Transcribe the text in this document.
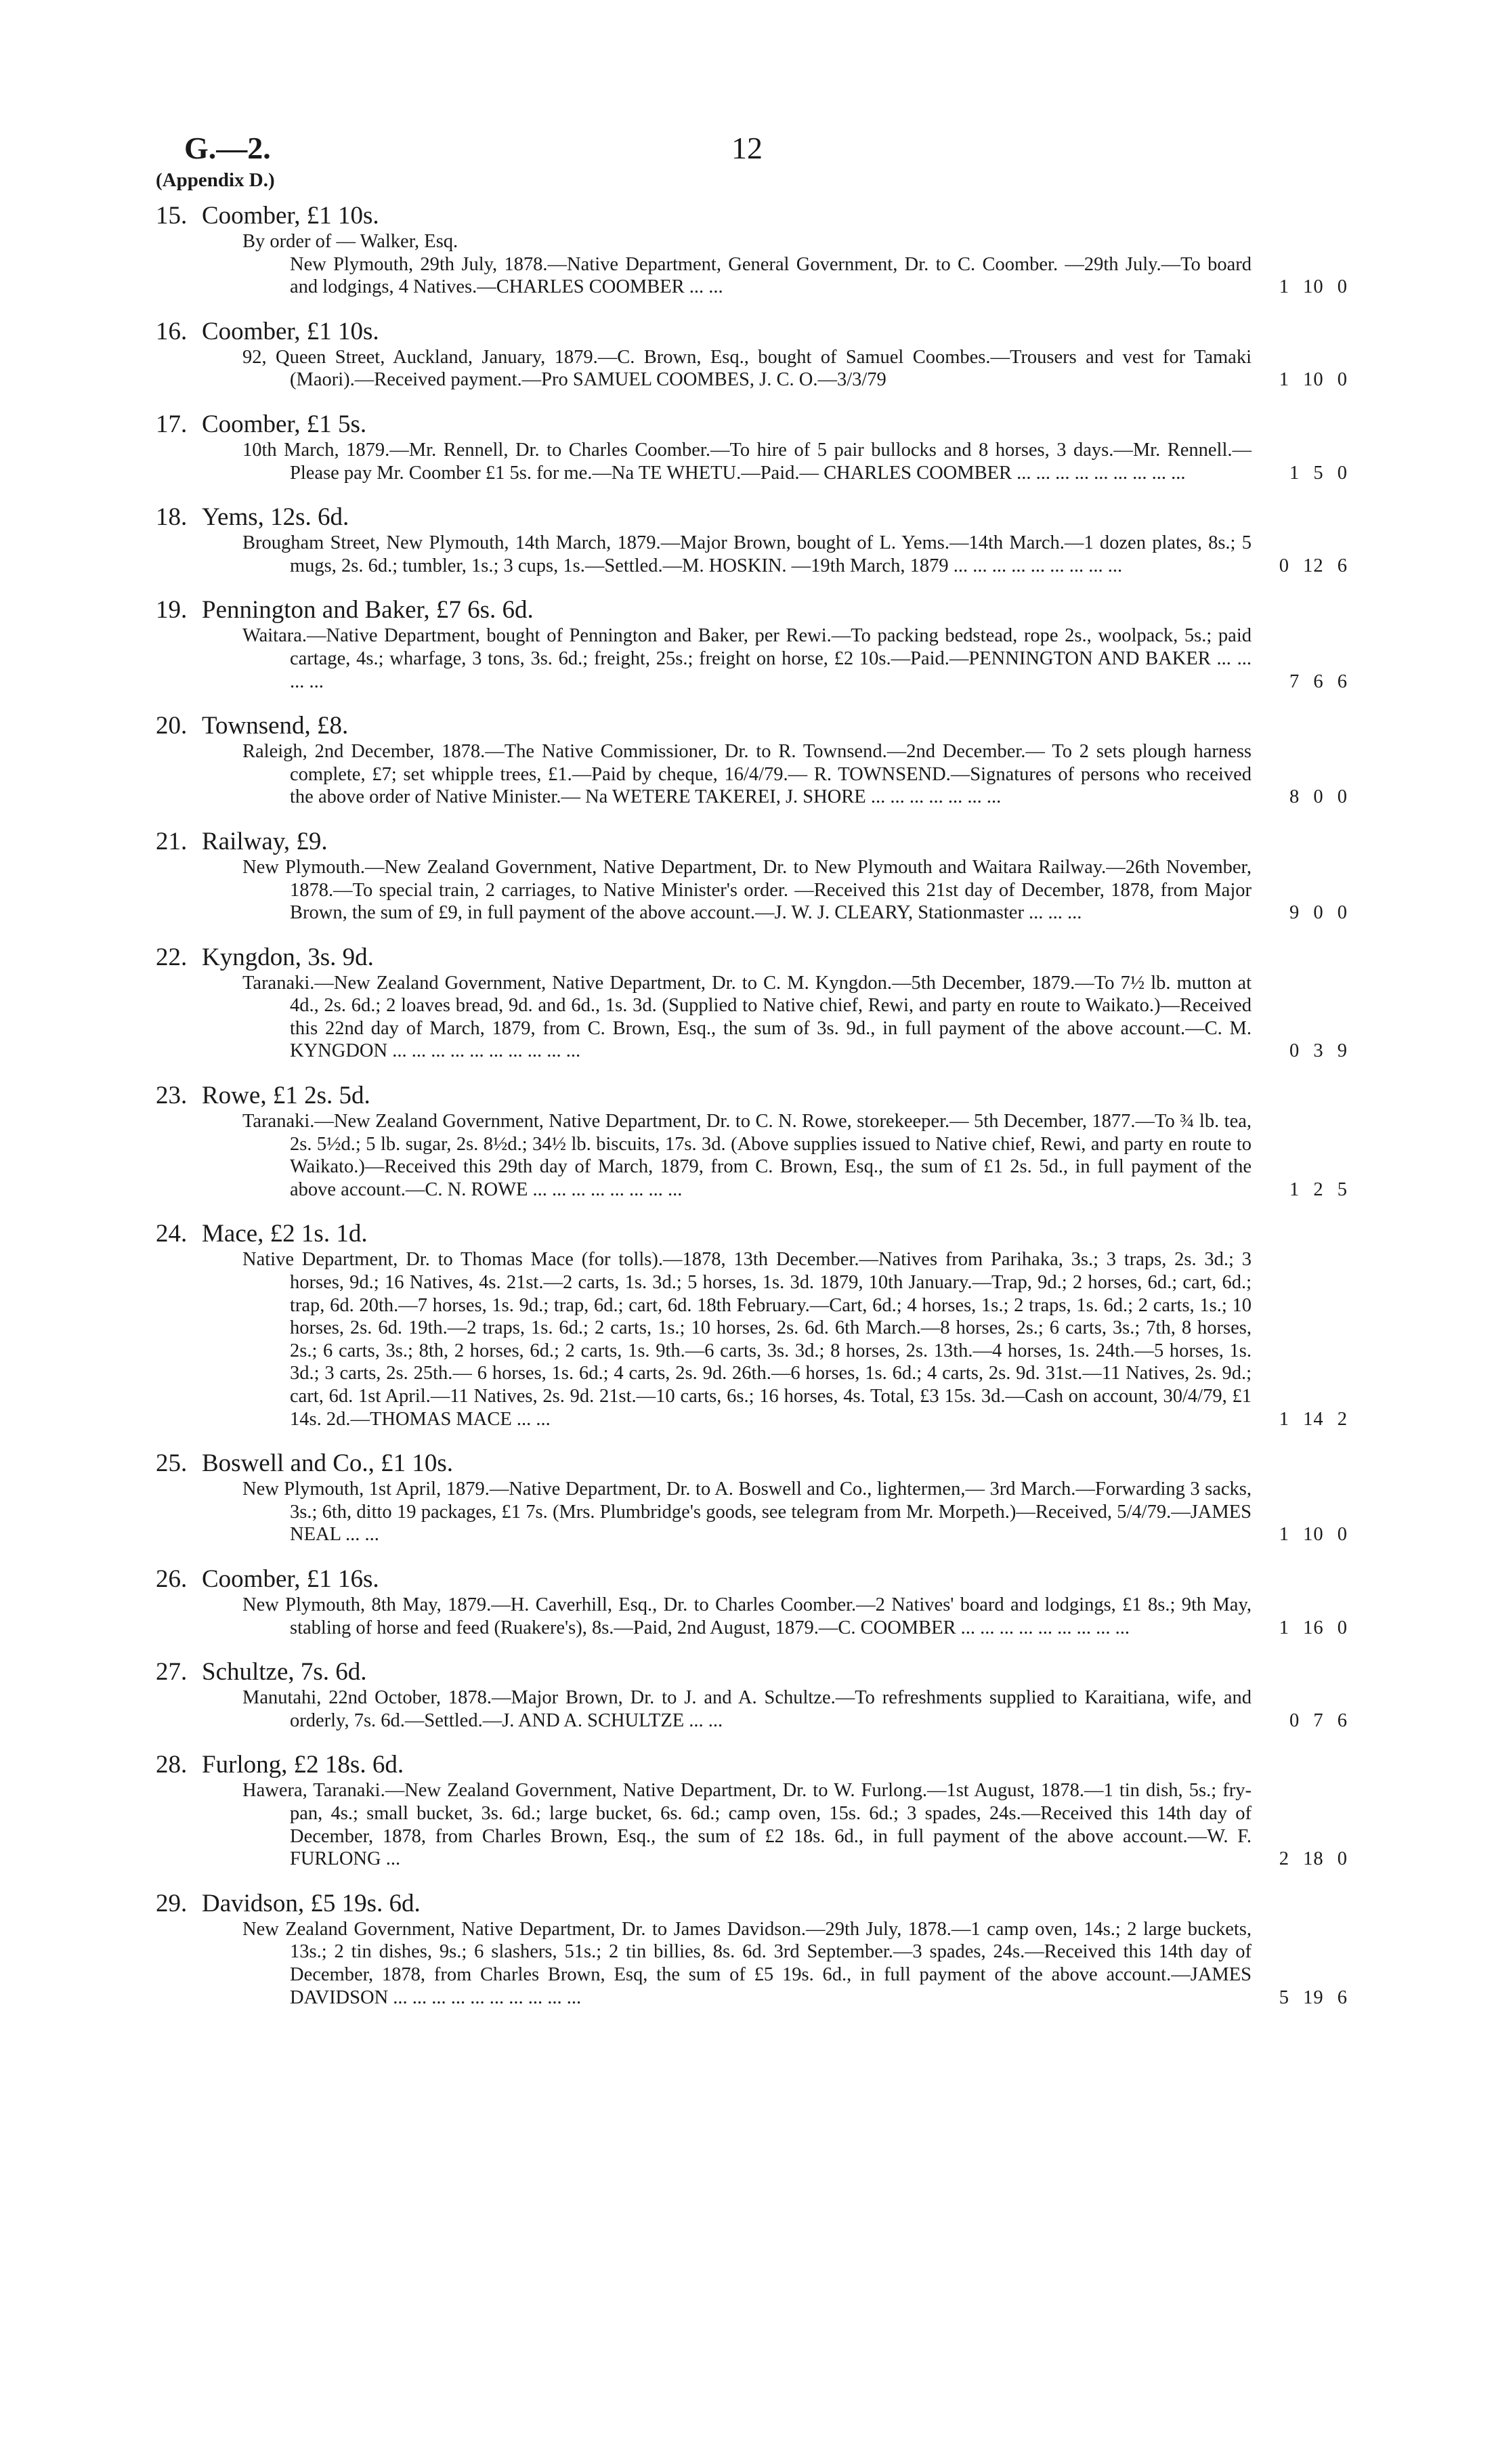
G.—2.	12
(Appendix D.)
15. Coomber, £1 10s.
By order of — Walker, Esq.
New Plymouth, 29th July, 1878.—Native Department, General Government, Dr. to C. Coomber. —29th July.—To board and lodgings, 4 Natives.—CHARLES COOMBER ... ...	1 10 0
16. Coomber, £1 10s.
92, Queen Street, Auckland, January, 1879.—C. Brown, Esq., bought of Samuel Coombes.—Trousers and vest for Tamaki (Maori).—Received payment.—Pro SAMUEL COOMBES, J. C. O.—3/3/79	1 10 0
17. Coomber, £1 5s.
10th March, 1879.—Mr. Rennell, Dr. to Charles Coomber.—To hire of 5 pair bullocks and 8 horses, 3 days.—Mr. Rennell.—Please pay Mr. Coomber £1 5s. for me.—Na TE WHETU.—Paid.— CHARLES COOMBER ... ... ... ... ... ... ... ... ...	1 5 0
18. Yems, 12s. 6d.
Brougham Street, New Plymouth, 14th March, 1879.—Major Brown, bought of L. Yems.—14th March.—1 dozen plates, 8s.; 5 mugs, 2s. 6d.; tumbler, 1s.; 3 cups, 1s.—Settled.—M. HOSKIN. —19th March, 1879 ... ... ... ... ... ... ... ... ...	0 12 6
19. Pennington and Baker, £7 6s. 6d.
Waitara.—Native Department, bought of Pennington and Baker, per Rewi.—To packing bedstead, rope 2s., woolpack, 5s.; paid cartage, 4s.; wharfage, 3 tons, 3s. 6d.; freight, 25s.; freight on horse, £2 10s.—Paid.—PENNINGTON AND BAKER ... ... ... ...	7 6 6
20. Townsend, £8.
Raleigh, 2nd December, 1878.—The Native Commissioner, Dr. to R. Townsend.—2nd December.— To 2 sets plough harness complete, £7; set whipple trees, £1.—Paid by cheque, 16/4/79.— R. TOWNSEND.—Signatures of persons who received the above order of Native Minister.— Na WETERE TAKEREI, J. SHORE ... ... ... ... ... ... ...	8 0 0
21. Railway, £9.
New Plymouth.—New Zealand Government, Native Department, Dr. to New Plymouth and Waitara Railway.—26th November, 1878.—To special train, 2 carriages, to Native Minister's order. —Received this 21st day of December, 1878, from Major Brown, the sum of £9, in full payment of the above account.—J. W. J. CLEARY, Stationmaster ... ... ...	9 0 0
22. Kyngdon, 3s. 9d.
Taranaki.—New Zealand Government, Native Department, Dr. to C. M. Kyngdon.—5th December, 1879.—To 7½ lb. mutton at 4d., 2s. 6d.; 2 loaves bread, 9d. and 6d., 1s. 3d. (Supplied to Native chief, Rewi, and party en route to Waikato.)—Received this 22nd day of March, 1879, from C. Brown, Esq., the sum of 3s. 9d., in full payment of the above account.—C. M. KYNGDON ... ... ... ... ... ... ... ... ... ...	0 3 9
23. Rowe, £1 2s. 5d.
Taranaki.—New Zealand Government, Native Department, Dr. to C. N. Rowe, storekeeper.— 5th December, 1877.—To ¾ lb. tea, 2s. 5½d.; 5 lb. sugar, 2s. 8½d.; 34½ lb. biscuits, 17s. 3d. (Above supplies issued to Native chief, Rewi, and party en route to Waikato.)—Received this 29th day of March, 1879, from C. Brown, Esq., the sum of £1 2s. 5d., in full payment of the above account.—C. N. ROWE ... ... ... ... ... ... ... ...	1 2 5
24. Mace, £2 1s. 1d.
Native Department, Dr. to Thomas Mace (for tolls).—1878, 13th December.—Natives from Parihaka, 3s.; 3 traps, 2s. 3d.; 3 horses, 9d.; 16 Natives, 4s. 21st.—2 carts, 1s. 3d.; 5 horses, 1s. 3d. 1879, 10th January.—Trap, 9d.; 2 horses, 6d.; cart, 6d.; trap, 6d. 20th.—7 horses, 1s. 9d.; trap, 6d.; cart, 6d. 18th February.—Cart, 6d.; 4 horses, 1s.; 2 traps, 1s. 6d.; 2 carts, 1s.; 10 horses, 2s. 6d. 19th.—2 traps, 1s. 6d.; 2 carts, 1s.; 10 horses, 2s. 6d. 6th March.—8 horses, 2s.; 6 carts, 3s.; 7th, 8 horses, 2s.; 6 carts, 3s.; 8th, 2 horses, 6d.; 2 carts, 1s. 9th.—6 carts, 3s. 3d.; 8 horses, 2s. 13th.—4 horses, 1s. 24th.—5 horses, 1s. 3d.; 3 carts, 2s. 25th.— 6 horses, 1s. 6d.; 4 carts, 2s. 9d. 26th.—6 horses, 1s. 6d.; 4 carts, 2s. 9d. 31st.—11 Natives, 2s. 9d.; cart, 6d. 1st April.—11 Natives, 2s. 9d. 21st.—10 carts, 6s.; 16 horses, 4s. Total, £3 15s. 3d.—Cash on account, 30/4/79, £1 14s. 2d.—THOMAS MACE ... ...	1 14 2
25. Boswell and Co., £1 10s.
New Plymouth, 1st April, 1879.—Native Department, Dr. to A. Boswell and Co., lightermen,— 3rd March.—Forwarding 3 sacks, 3s.; 6th, ditto 19 packages, £1 7s. (Mrs. Plumbridge's goods, see telegram from Mr. Morpeth.)—Received, 5/4/79.—JAMES NEAL ... ...	1 10 0
26. Coomber, £1 16s.
New Plymouth, 8th May, 1879.—H. Caverhill, Esq., Dr. to Charles Coomber.—2 Natives' board and lodgings, £1 8s.; 9th May, stabling of horse and feed (Ruakere's), 8s.—Paid, 2nd August, 1879.—C. COOMBER ... ... ... ... ... ... ... ... ...	1 16 0
27. Schultze, 7s. 6d.
Manutahi, 22nd October, 1878.—Major Brown, Dr. to J. and A. Schultze.—To refreshments supplied to Karaitiana, wife, and orderly, 7s. 6d.—Settled.—J. AND A. SCHULTZE ... ...	0 7 6
28. Furlong, £2 18s. 6d.
Hawera, Taranaki.—New Zealand Government, Native Department, Dr. to W. Furlong.—1st August, 1878.—1 tin dish, 5s.; fry-pan, 4s.; small bucket, 3s. 6d.; large bucket, 6s. 6d.; camp oven, 15s. 6d.; 3 spades, 24s.—Received this 14th day of December, 1878, from Charles Brown, Esq., the sum of £2 18s. 6d., in full payment of the above account.—W. F. FURLONG ...	2 18 0
29. Davidson, £5 19s. 6d.
New Zealand Government, Native Department, Dr. to James Davidson.—29th July, 1878.—1 camp oven, 14s.; 2 large buckets, 13s.; 2 tin dishes, 9s.; 6 slashers, 51s.; 2 tin billies, 8s. 6d. 3rd September.—3 spades, 24s.—Received this 14th day of December, 1878, from Charles Brown, Esq, the sum of £5 19s. 6d., in full payment of the above account.—JAMES DAVIDSON ... ... ... ... ... ... ... ... ... ...	5 19 6
